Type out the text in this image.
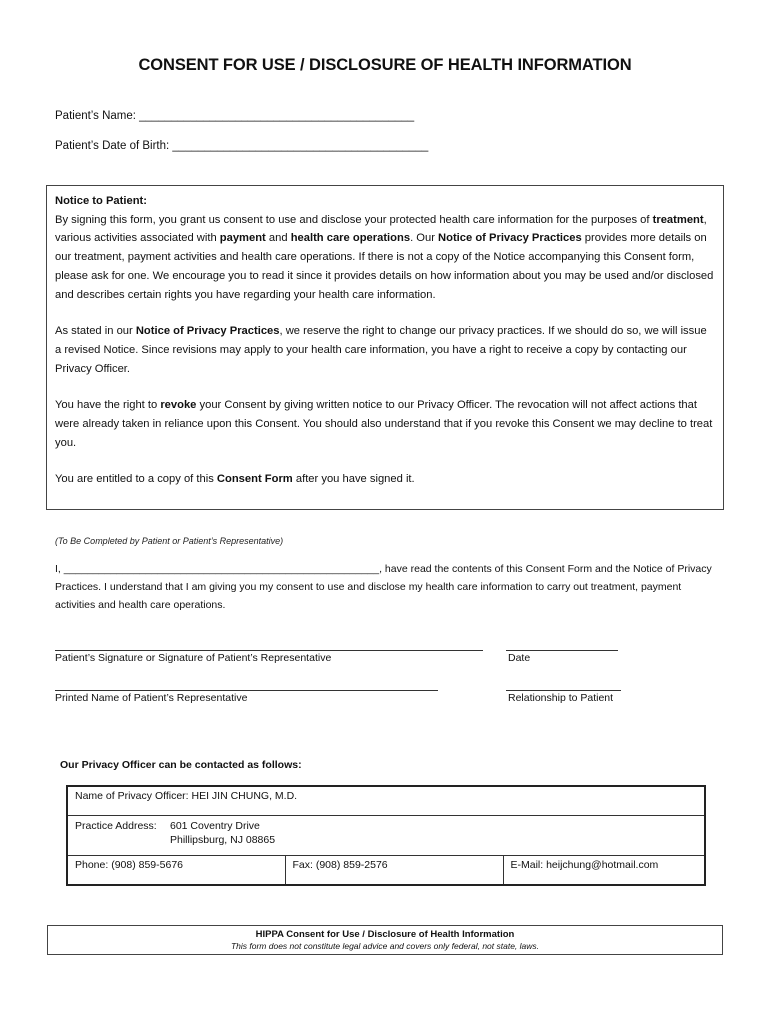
CONSENT FOR USE / DISCLOSURE OF HEALTH INFORMATION
Patient’s Name: ___________________________________________
Patient’s Date of Birth: ________________________________________

Notice to Patient:

By signing this form, you grant us consent to use and disclose your protected health care information for the purposes of treatment, various activities associated with payment and health care operations. Our Notice of Privacy Practices provides more details on our treatment, payment activities and health care operations. If there is not a copy of the Notice accompanying this Consent form, please ask for one. We encourage you to read it since it provides details on how information about you may be used and/or disclosed and describes certain rights you have regarding your health care information.

As stated in our Notice of Privacy Practices, we reserve the right to change our privacy practices. If we should do so, we will issue a revised Notice. Since revisions may apply to your health care information, you have a right to receive a copy by contacting our Privacy Officer.

You have the right to revoke your Consent by giving written notice to our Privacy Officer. The revocation will not affect actions that were already taken in reliance upon this Consent. You should also understand that if you revoke this Consent we may decline to treat you.

You are entitled to a copy of this Consent Form after you have signed it.

(To Be Completed by Patient or Patient’s Representative)
I, ______________________________________________________, have read the contents of this Consent Form and the Notice of Privacy Practices. I understand that I am giving you my consent to use and disclose my health care information to carry out treatment, payment activities and health care operations.
Patient’s Signature or Signature of Patient’s Representative	Date
Printed Name of Patient’s Representative	Relationship to Patient
Our Privacy Officer can be contacted as follows:
Name of Privacy Officer: HEI JIN CHUNG, M.D.

Practice Address:	601 Coventry Drive
Phillipsburg, NJ 08865

Phone: (908) 859-5676	Fax: (908) 859-2576	E-Mail: heijchung@hotmail.com
HIPPA Consent for Use / Disclosure of Health Information
This form does not constitute legal advice and covers only federal, not state, laws.
